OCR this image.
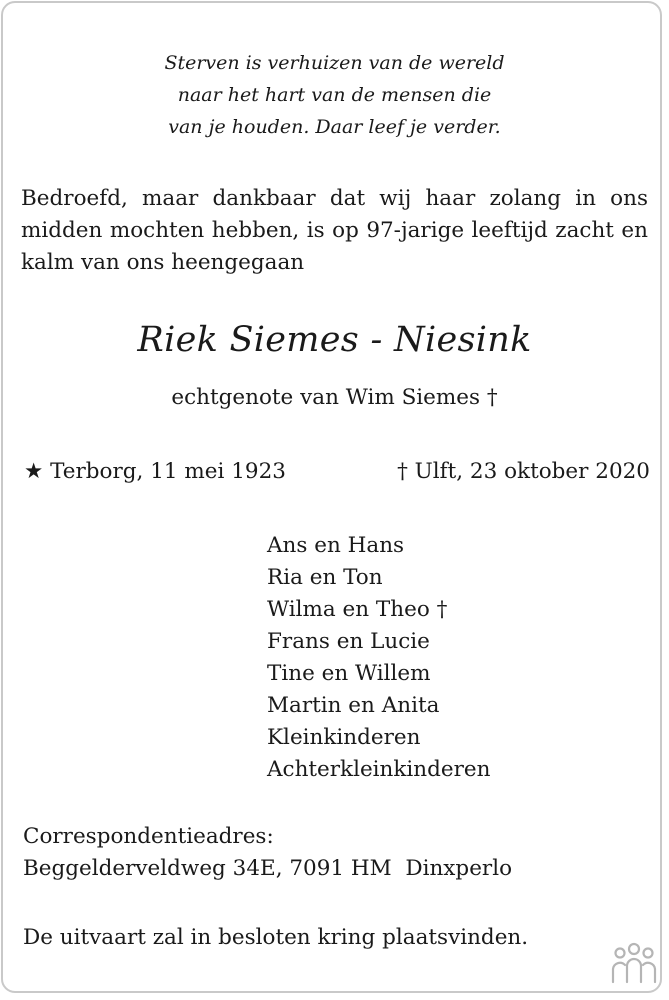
Sterven is verhuizen van de wereld
naar het hart van de mensen die
van je houden. Daar leef je verder.
Bedroefd, maar dankbaar dat wij haar zolang in ons
midden mochten hebben, is op 97-jarige leeftijd zacht en
kalm van ons heengegaan
Riek Siemes - Niesink
echtgenote van Wim Siemes †
★ Terborg, 11 mei 1923	† Ulft, 23 oktober 2020
Ans en Hans
Ria en Ton
Wilma en Theo †
Frans en Lucie
Tine en Willem
Martin en Anita
Kleinkinderen
Achterkleinkinderen
Correspondentieadres:
Beggelderveldweg 34E, 7091 HM  Dinxperlo
De uitvaart zal in besloten kring plaatsvinden.
